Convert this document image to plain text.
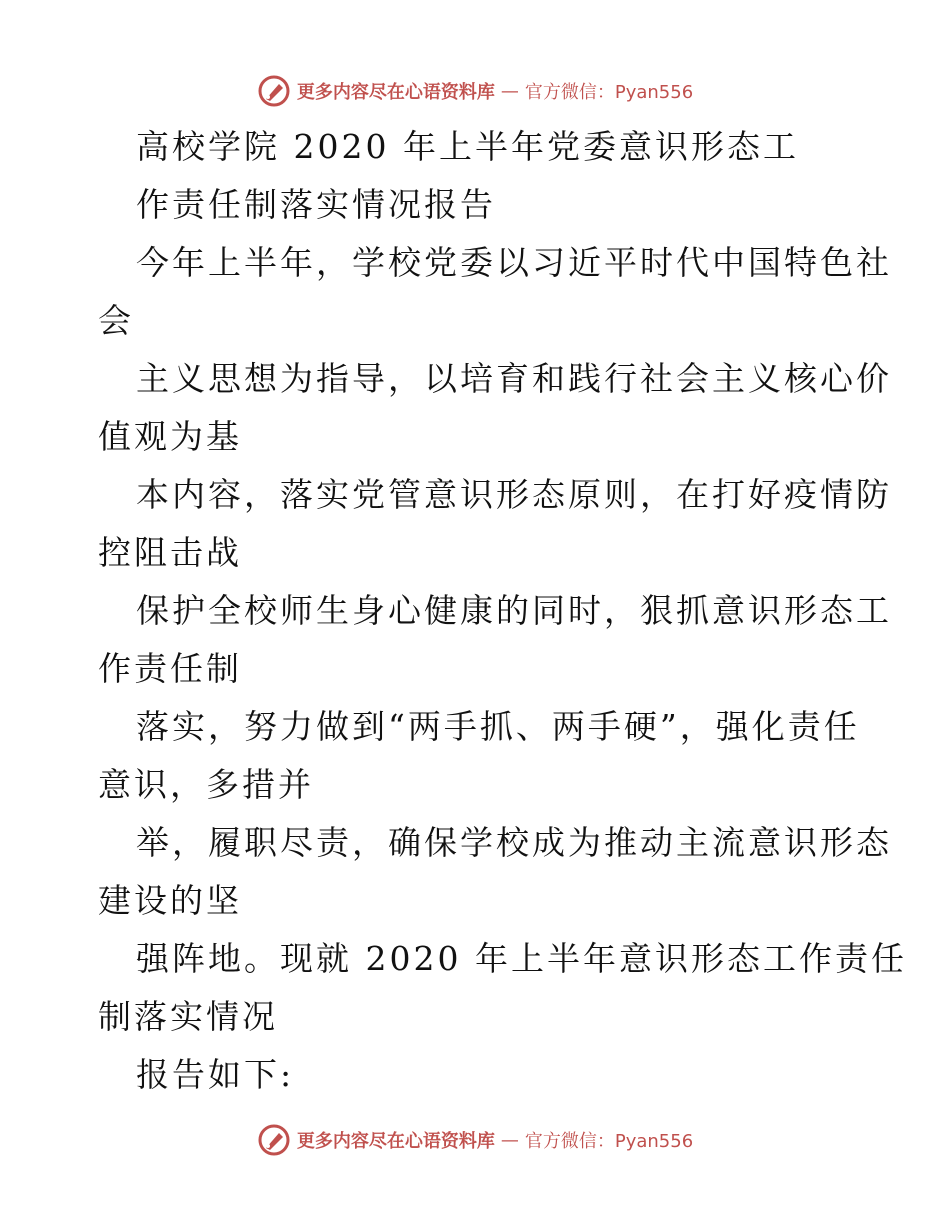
更多内容尽在心语资料库 — 官方微信：Pyan556
高校学院 2020 年上半年党委意识形态工
作责任制落实情况报告
今年上半年，学校党委以习近平时代中国特色社
会
主义思想为指导，以培育和践行社会主义核心价
值观为基
本内容，落实党管意识形态原则，在打好疫情防
控阻击战
保护全校师生身心健康的同时，狠抓意识形态工
作责任制
落实，努力做到“两手抓、两手硬”，强化责任
意识，多措并
举，履职尽责，确保学校成为推动主流意识形态
建设的坚
强阵地。现就 2020 年上半年意识形态工作责任
制落实情况
报告如下:
更多内容尽在心语资料库 — 官方微信：Pyan556
